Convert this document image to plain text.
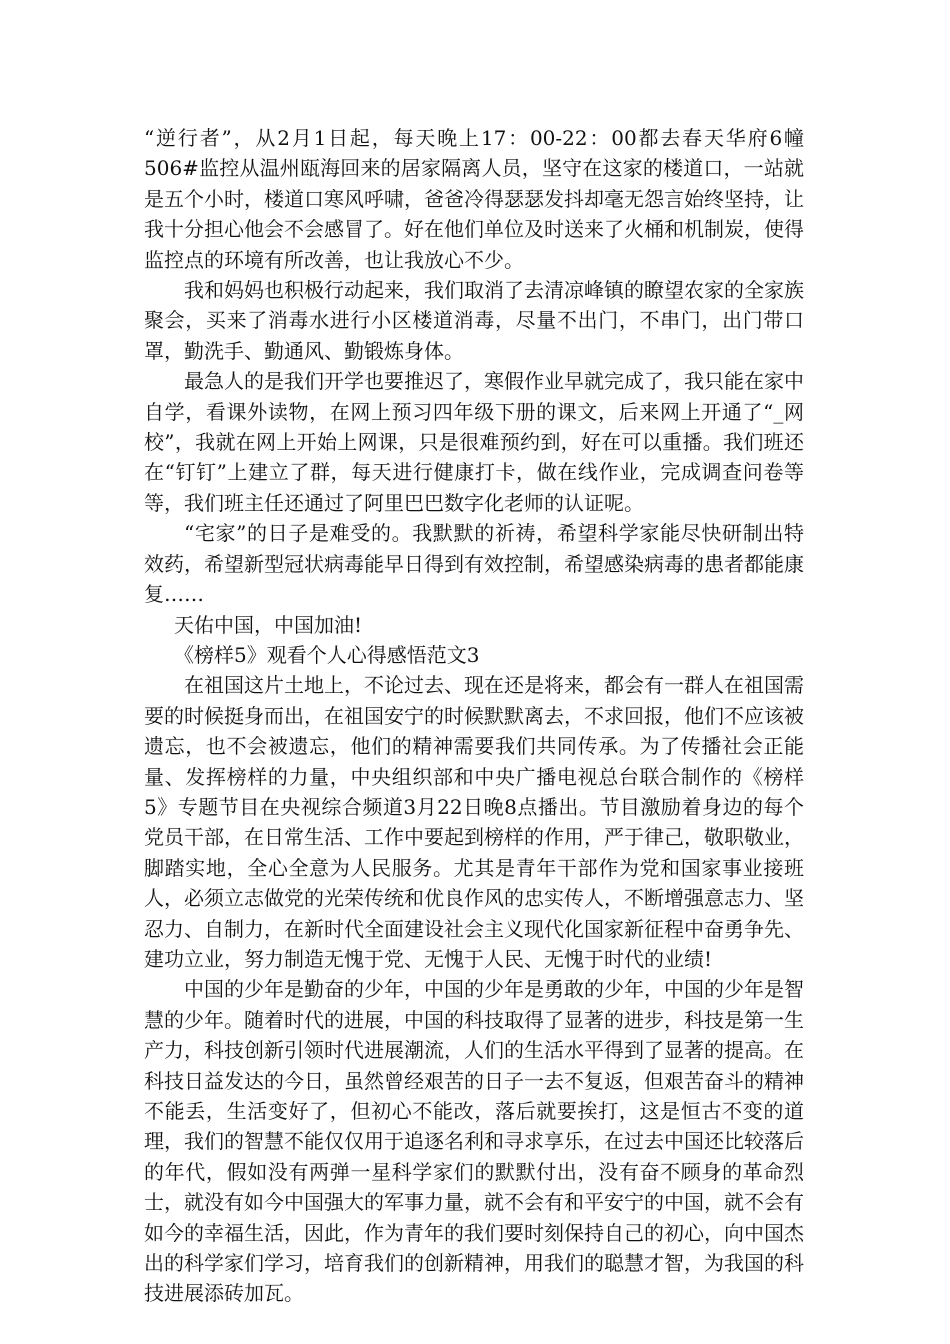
“逆行者”，从2月1日起，每天晚上17：00-22：00都去春天华府6幢506#监控从温州瓯海回来的居家隔离人员，坚守在这家的楼道口，一站就是五个小时，楼道口寒风呼啸，爸爸冷得瑟瑟发抖却毫无怨言始终坚持，让我十分担心他会不会感冒了。好在他们单位及时送来了火桶和机制炭，使得监控点的环境有所改善，也让我放心不少。

我和妈妈也积极行动起来，我们取消了去清凉峰镇的瞭望农家的全家族聚会，买来了消毒水进行小区楼道消毒，尽量不出门，不串门，出门带口罩，勤洗手、勤通风、勤锻炼身体。

最急人的是我们开学也要推迟了，寒假作业早就完成了，我只能在家中自学，看课外读物，在网上预习四年级下册的课文，后来网上开通了“_网校”，我就在网上开始上网课，只是很难预约到，好在可以重播。我们班还在“钉钉”上建立了群，每天进行健康打卡，做在线作业，完成调查问卷等等，我们班主任还通过了阿里巴巴数字化老师的认证呢。

“宅家”的日子是难受的。我默默的祈祷，希望科学家能尽快研制出特效药，希望新型冠状病毒能早日得到有效控制，希望感染病毒的患者都能康复……

天佑中国，中国加油!

《榜样5》观看个人心得感悟范文3

在祖国这片土地上，不论过去、现在还是将来，都会有一群人在祖国需要的时候挺身而出，在祖国安宁的时候默默离去，不求回报，他们不应该被遗忘，也不会被遗忘，他们的精神需要我们共同传承。为了传播社会正能量、发挥榜样的力量，中央组织部和中央广播电视总台联合制作的《榜样5》专题节目在央视综合频道3月22日晚8点播出。节目激励着身边的每个党员干部，在日常生活、工作中要起到榜样的作用，严于律己，敬职敬业，脚踏实地，全心全意为人民服务。尤其是青年干部作为党和国家事业接班人，必须立志做党的光荣传统和优良作风的忠实传人，不断增强意志力、坚忍力、自制力，在新时代全面建设社会主义现代化国家新征程中奋勇争先、建功立业，努力制造无愧于党、无愧于人民、无愧于时代的业绩!

中国的少年是勤奋的少年，中国的少年是勇敢的少年，中国的少年是智慧的少年。随着时代的进展，中国的科技取得了显著的进步，科技是第一生产力，科技创新引领时代进展潮流，人们的生活水平得到了显著的提高。在科技日益发达的今日，虽然曾经艰苦的日子一去不复返，但艰苦奋斗的精神不能丢，生活变好了，但初心不能改，落后就要挨打，这是恒古不变的道理，我们的智慧不能仅仅用于追逐名利和寻求享乐，在过去中国还比较落后的年代，假如没有两弹一星科学家们的默默付出，没有奋不顾身的革命烈士，就没有如今中国强大的军事力量，就不会有和平安宁的中国，就不会有如今的幸福生活，因此，作为青年的我们要时刻保持自己的初心，向中国杰出的科学家们学习，培育我们的创新精神，用我们的聪慧才智，为我国的科技进展添砖加瓦。
